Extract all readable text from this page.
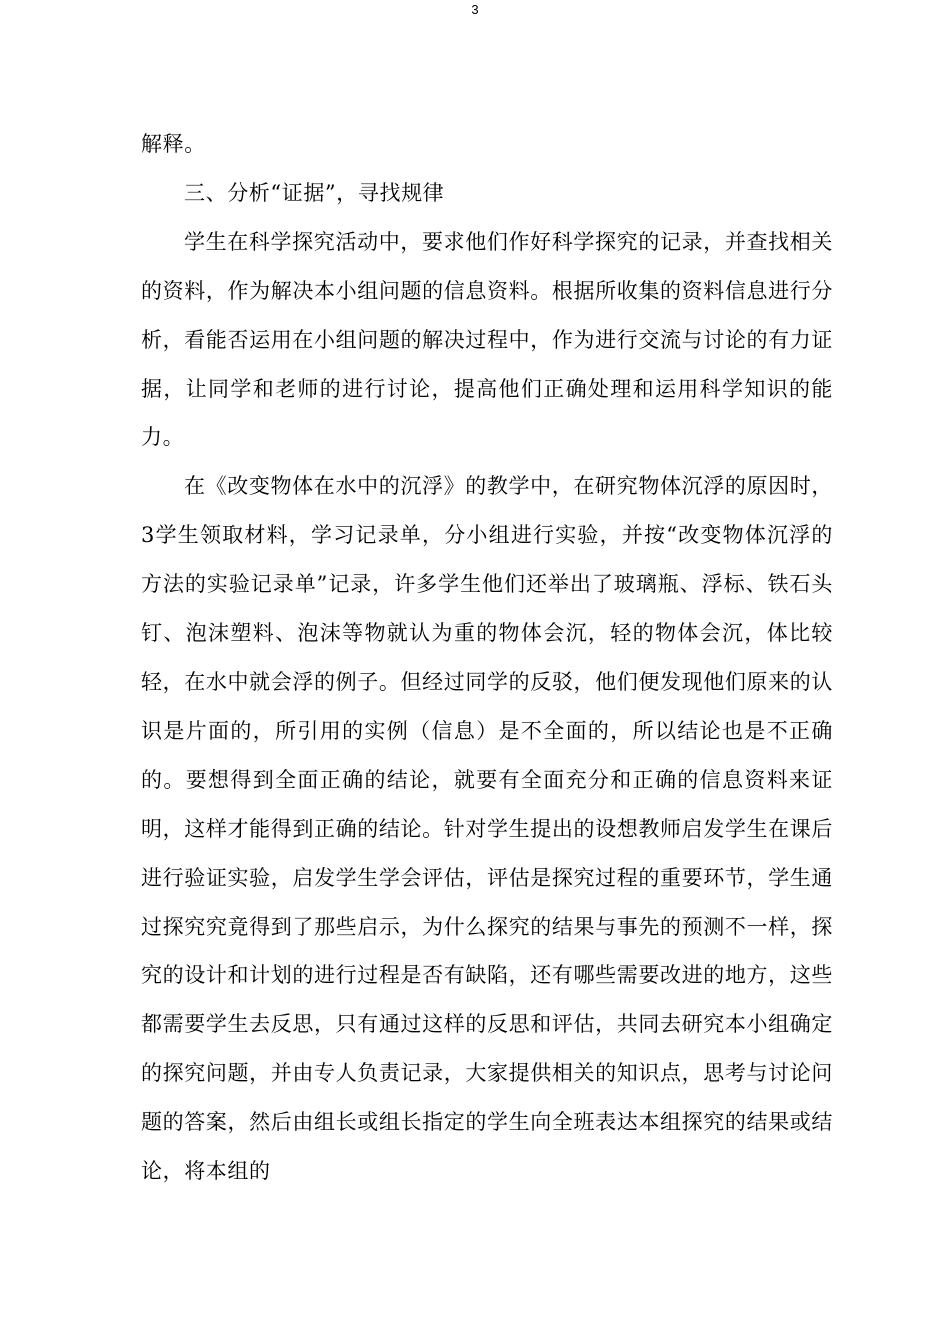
3

解释。

三、分析“证据”，寻找规律

学生在科学探究活动中，要求他们作好科学探究的记录，并查找相关的资料，作为解决本小组问题的信息资料。根据所收集的资料信息进行分析，看能否运用在小组问题的解决过程中，作为进行交流与讨论的有力证据，让同学和老师的进行讨论，提高他们正确处理和运用科学知识的能力。

在《改变物体在水中的沉浮》的教学中，在研究物体沉浮的原因时，3学生领取材料，学习记录单，分小组进行实验，并按“改变物体沉浮的方法的实验记录单”记录，许多学生他们还举出了玻璃瓶、浮标、铁石头钉、泡沫塑料、泡沫等物就认为重的物体会沉，轻的物体会沉，体比较轻，在水中就会浮的例子。但经过同学的反驳，他们便发现他们原来的认识是片面的，所引用的实例（信息）是不全面的，所以结论也是不正确的。要想得到全面正确的结论，就要有全面充分和正确的信息资料来证明，这样才能得到正确的结论。针对学生提出的设想教师启发学生在课后进行验证实验，启发学生学会评估，评估是探究过程的重要环节，学生通过探究究竟得到了那些启示，为什么探究的结果与事先的预测不一样，探究的设计和计划的进行过程是否有缺陷，还有哪些需要改进的地方，这些都需要学生去反思，只有通过这样的反思和评估，共同去研究本小组确定的探究问题，并由专人负责记录，大家提供相关的知识点，思考与讨论问题的答案，然后由组长或组长指定的学生向全班表达本组探究的结果或结论，将本组的
